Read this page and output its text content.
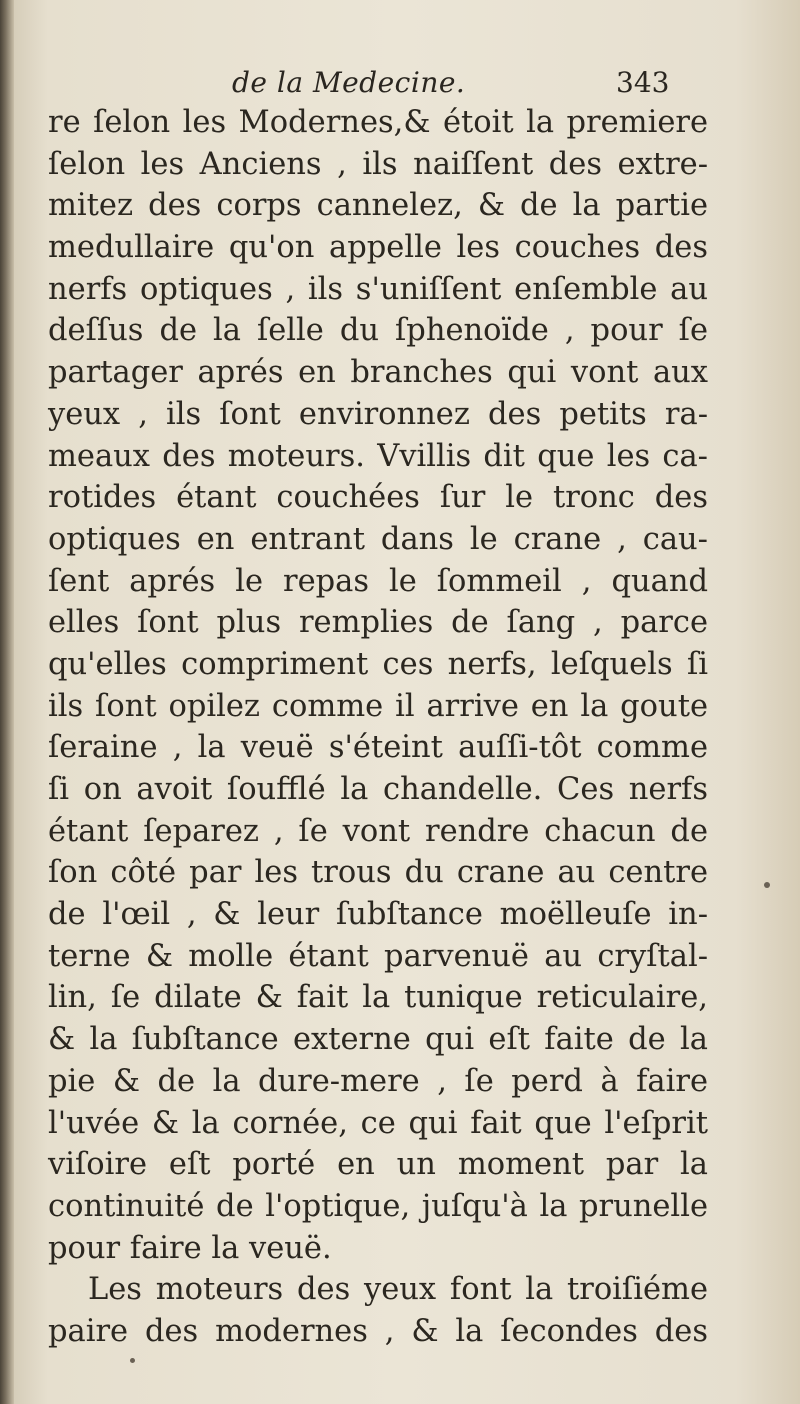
de la Medecine.	343
re ſelon les Modernes,& étoit la premiere
ſelon les Anciens , ils naiſſent des extre-
mitez des corps cannelez, & de la partie
medullaire qu'on appelle les couches des
nerfs optiques , ils s'uniſſent enſemble au
deſſus de la ſelle du ſphenoïde , pour ſe
partager aprés en branches qui vont aux
yeux , ils ſont environnez des petits ra-
meaux des moteurs. Vvillis dit que les ca-
rotides étant couchées ſur le tronc des
optiques en entrant dans le crane , cau-
ſent aprés le repas le ſommeil , quand
elles ſont plus remplies de ſang , parce
qu'elles compriment ces nerfs, leſquels ſi
ils ſont opilez comme il arrive en la goute
ſeraine , la veuë s'éteint auſſi-tôt comme
ſi on avoit ſoufflé la chandelle. Ces nerfs
étant ſeparez , ſe vont rendre chacun de
ſon côté par les trous du crane au centre
de l'œil , & leur ſubſtance moëlleuſe in-
terne & molle étant parvenuë au cryſtal-
lin, ſe dilate & fait la tunique reticulaire,
& la ſubſtance externe qui eſt faite de la
pie & de la dure-mere , ſe perd à faire
l'uvée & la cornée, ce qui fait que l'eſprit
viſoire eſt porté en un moment par la
continuité de l'optique, juſqu'à la prunelle
pour faire la veuë.
Les moteurs des yeux font la troiſiéme
paire des modernes , & la ſecondes des
